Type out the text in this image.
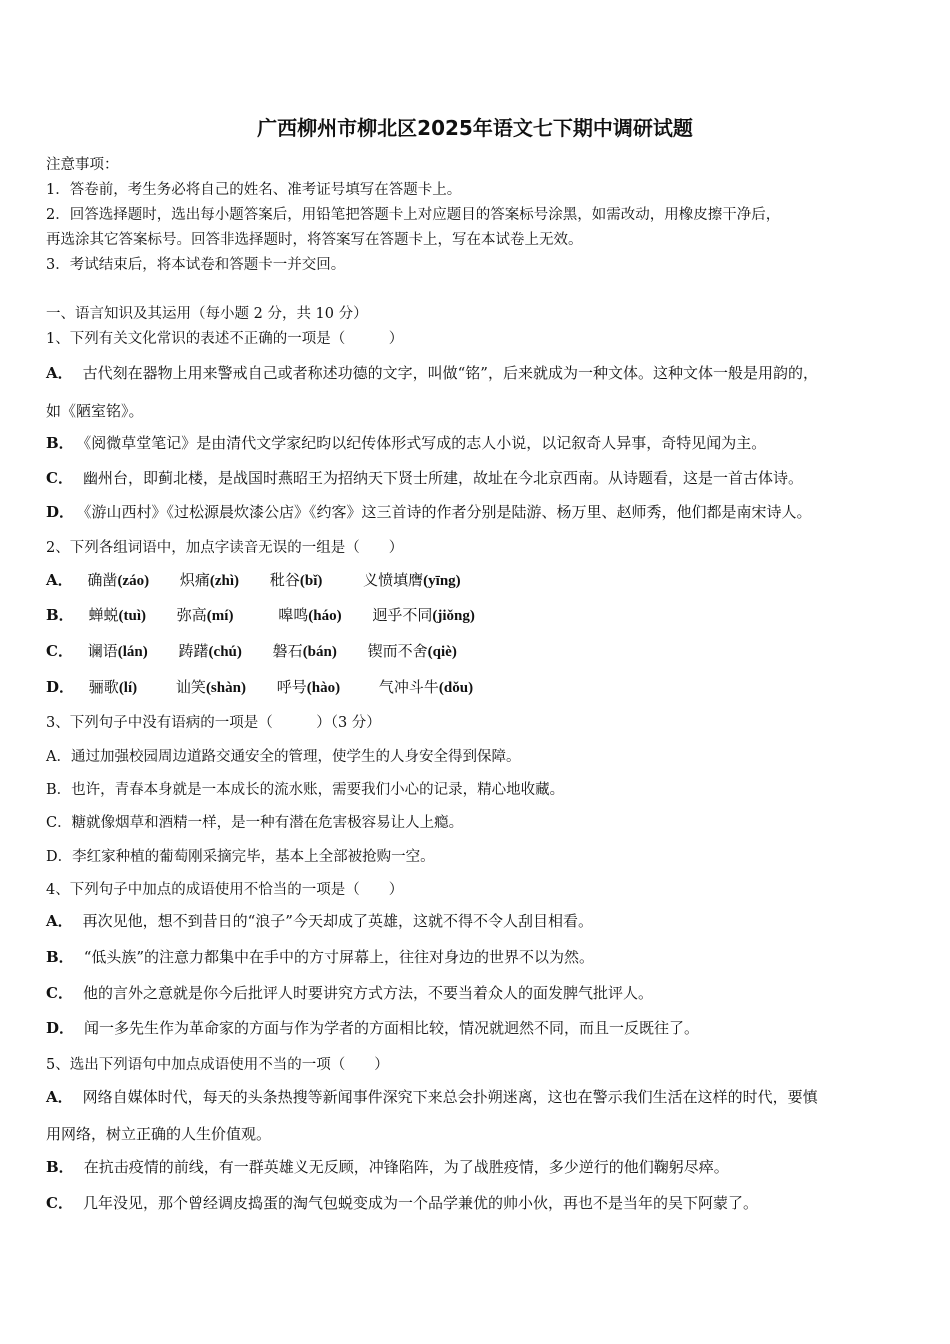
广西柳州市柳北区2025年语文七下期中调研试题
注意事项：
1．答卷前，考生务必将自己的姓名、准考证号填写在答题卡上。
2．回答选择题时，选出每小题答案后，用铅笔把答题卡上对应题目的答案标号涂黑，如需改动，用橡皮擦干净后，
再选涂其它答案标号。回答非选择题时，将答案写在答题卡上，写在本试卷上无效。
3．考试结束后，将本试卷和答题卡一并交回。
一、语言知识及其运用（每小题 2 分，共 10 分）
1、下列有关文化常识的表述不正确的一项是（　　　）
A． 古代刻在器物上用来警戒自己或者称述功德的文字，叫做“铭”，后来就成为一种文体。这种文体一般是用韵的，
如《陋室铭》。
B． 《阅微草堂笔记》是由清代文学家纪昀以纪传体形式写成的志人小说，以记叙奇人异事，奇特见闻为主。
C． 幽州台，即蓟北楼，是战国时燕昭王为招纳天下贤士所建，故址在今北京西南。从诗题看，这是一首古体诗。
D． 《游山西村》《过松源晨炊漆公店》《约客》这三首诗的作者分别是陆游、杨万里、赵师秀，他们都是南宋诗人。
2、下列各组词语中，加点字读音无误的一组是（　　）
A． 确凿(záo) 炽痛(zhì) 秕谷(bǐ)	义愤填膺(yīng)
B． 蝉蜕(tuì) 弥高(mí)	嗥鸣(háo) 迥乎不同(jiǒng)
C． 谰语(lán) 踌躇(chú) 磐石(bán) 锲而不舍(qiè)
D． 骊歌(lí)	讪笑(shàn) 呼号(hào)	气冲斗牛(dǒu)
3、下列句子中没有语病的一项是（　　　）（3 分）
A．通过加强校园周边道路交通安全的管理，使学生的人身安全得到保障。
B．也许，青春本身就是一本成长的流水账，需要我们小心的记录，精心地收藏。
C．糖就像烟草和酒精一样，是一种有潜在危害极容易让人上瘾。
D．李红家种植的葡萄刚采摘完毕，基本上全部被抢购一空。
4、下列句子中加点的成语使用不恰当的一项是（　　）
A． 再次见他，想不到昔日的“浪子”今天却成了英雄，这就不得不令人刮目相看。
B． “低头族”的注意力都集中在手中的方寸屏幕上，往往对身边的世界不以为然。
C． 他的言外之意就是你今后批评人时要讲究方式方法，不要当着众人的面发脾气批评人。
D． 闻一多先生作为革命家的方面与作为学者的方面相比较，情况就迥然不同，而且一反既往了。
5、选出下列语句中加点成语使用不当的一项（　　）
A． 网络自媒体时代，每天的头条热搜等新闻事件深究下来总会扑朔迷离，这也在警示我们生活在这样的时代，要慎
用网络，树立正确的人生价值观。
B． 在抗击疫情的前线，有一群英雄义无反顾，冲锋陷阵，为了战胜疫情，多少逆行的他们鞠躬尽瘁。
C． 几年没见，那个曾经调皮捣蛋的淘气包蜕变成为一个品学兼优的帅小伙，再也不是当年的吴下阿蒙了。
